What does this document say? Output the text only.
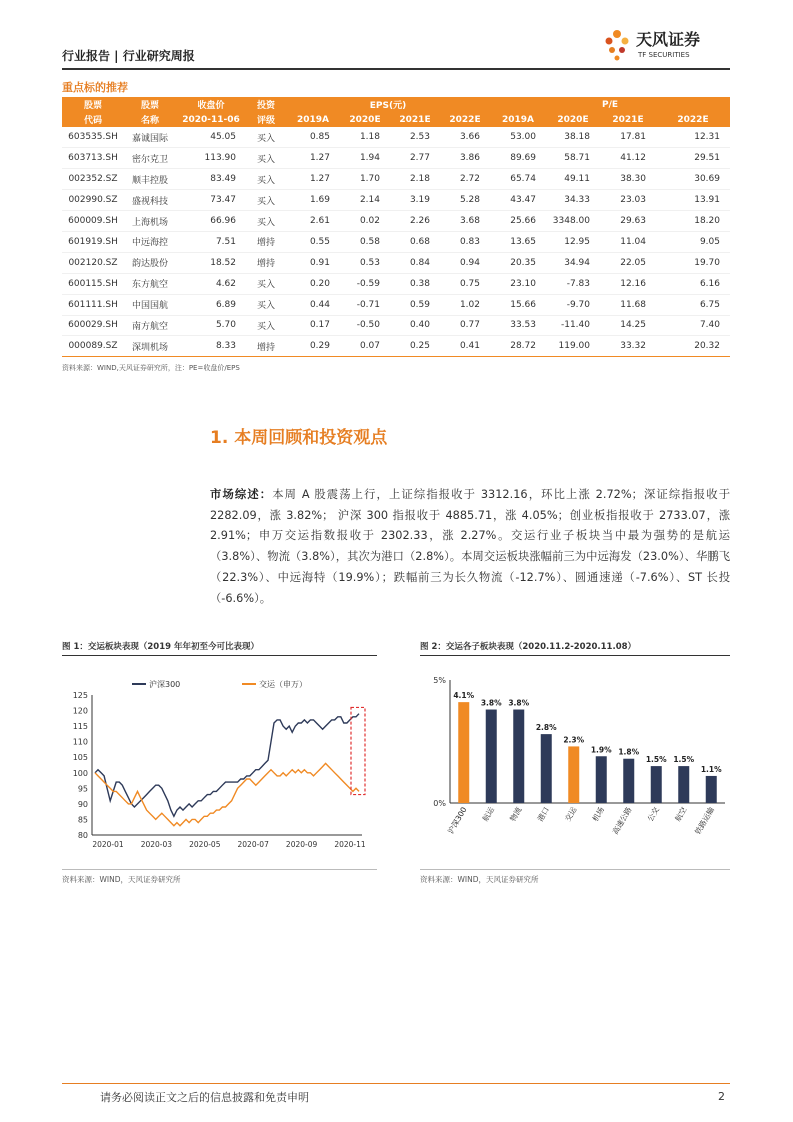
行业报告 | 行业研究周报
天风证券
TF SECURITIES
重点标的推荐
股票	股票	收盘价	投资	EPS(元)				P/E			
代码	名称	2020-11-06	评级	2019A	2020E	2021E	2022E	2019A	2020E	2021E	2022E
603535.SH	嘉诚国际	45.05	买入	0.85	1.18	2.53	3.66	53.00	38.18	17.81	12.31
603713.SH	密尔克卫	113.90	买入	1.27	1.94	2.77	3.86	89.69	58.71	41.12	29.51
002352.SZ	顺丰控股	83.49	买入	1.27	1.70	2.18	2.72	65.74	49.11	38.30	30.69
002990.SZ	盛视科技	73.47	买入	1.69	2.14	3.19	5.28	43.47	34.33	23.03	13.91
600009.SH	上海机场	66.96	买入	2.61	0.02	2.26	3.68	25.66	3348.00	29.63	18.20
601919.SH	中远海控	7.51	增持	0.55	0.58	0.68	0.83	13.65	12.95	11.04	9.05
002120.SZ	韵达股份	18.52	增持	0.91	0.53	0.84	0.94	20.35	34.94	22.05	19.70
600115.SH	东方航空	4.62	买入	0.20	-0.59	0.38	0.75	23.10	-7.83	12.16	6.16
601111.SH	中国国航	6.89	买入	0.44	-0.71	0.59	1.02	15.66	-9.70	11.68	6.75
600029.SH	南方航空	5.70	买入	0.17	-0.50	0.40	0.77	33.53	-11.40	14.25	7.40
000089.SZ	深圳机场	8.33	增持	0.29	0.07	0.25	0.41	28.72	119.00	33.32	20.32
资料来源：WIND,天风证券研究所，注：PE=收盘价/EPS
1. 本周回顾和投资观点
市场综述：本周 A 股震荡上行，上证综指报收于 3312.16，环比上涨 2.72%；深证综指报收于 2282.09，涨 3.82%； 沪深 300 指报收于 4885.71，涨 4.05%；创业板指报收于 2733.07，涨 2.91%；申万交运指数报收于 2302.33，涨 2.27%。交运行业子板块当中最为强势的是航运（3.8%）、物流（3.8%），其次为港口（2.8%）。本周交运板块涨幅前三为中远海发（23.0%）、华鹏飞（22.3%）、中远海特（19.9%）；跌幅前三为长久物流（-12.7%）、圆通速递（-7.6%）、ST 长投（-6.6%）。
图 1：交运板块表现（2019 年年初至今可比表现）
80
85
90
95
100
105
110
115
120
125
2020-01 2020-03 2020-05 2020-07 2020-09 2020-11
沪深300	交运（申万）
资料来源：WIND，天风证券研究所
图 2：交运各子板块表现（2020.11.2-2020.11.08）
0%
5%
4.1%
沪深300
3.8%
航运
3.8%
物流
2.8%
港口
2.3%
交运
1.9%
机场
1.8%
高速公路
1.5%
公交
1.5%
航空
1.1%
铁路运输
资料来源：WIND，天风证券研究所
请务必阅读正文之后的信息披露和免责申明	2
